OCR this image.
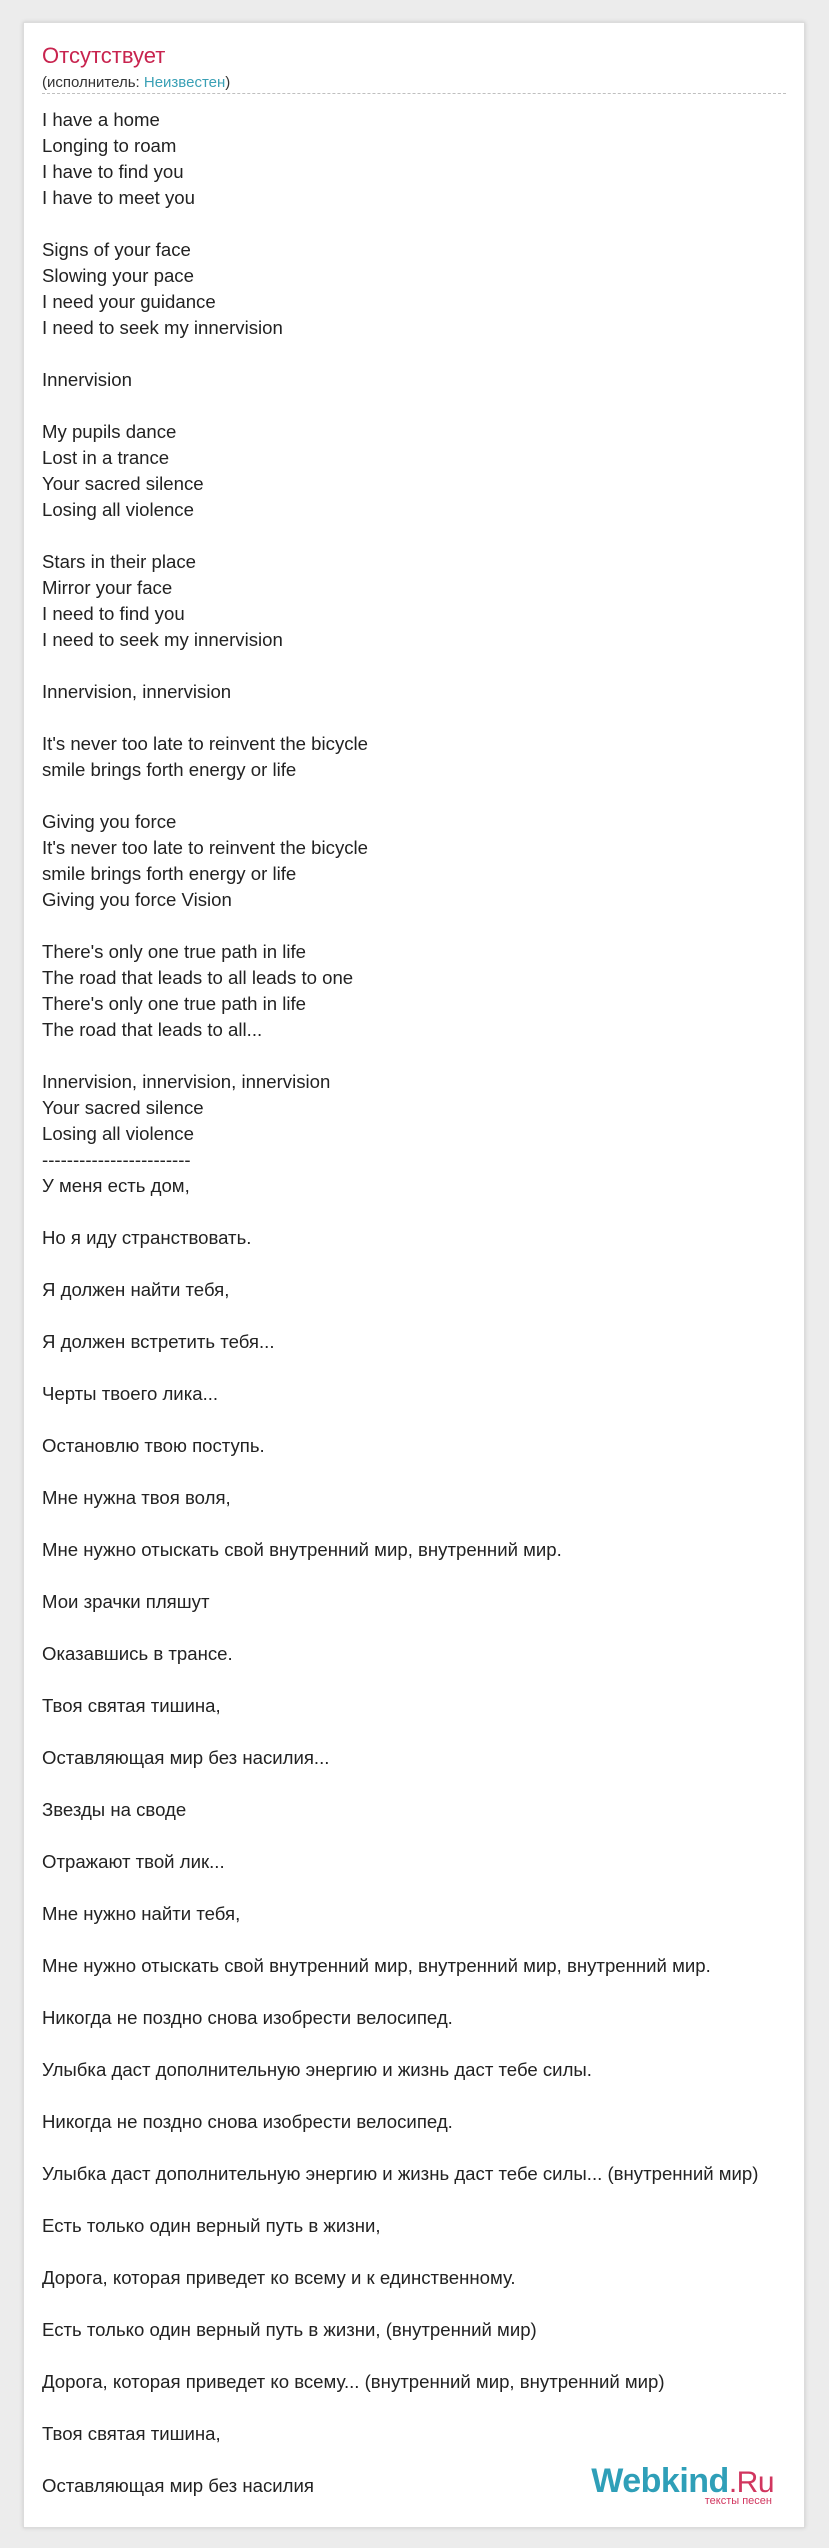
Отсутствует
(исполнитель: Неизвестен)
I have a home
Longing to roam
I have to find you
I have to meet you
Signs of your face
Slowing your pace
I need your guidance
I need to seek my innervision
Innervision
My pupils dance
Lost in a trance
Your sacred silence
Losing all violence
Stars in their place
Mirror your face
I need to find you
I need to seek my innervision
Innervision, innervision
It's never too late to reinvent the bicycle
smile brings forth energy or life
Giving you force
It's never too late to reinvent the bicycle
smile brings forth energy or life
Giving you force Vision
There's only one true path in life
The road that leads to all leads to one
There's only one true path in life
The road that leads to all...
Innervision, innervision, innervision
Your sacred silence
Losing all violence
------------------------
У меня есть дом,
Но я иду странствовать.
Я должен найти тебя,
Я должен встретить тебя...
Черты твоего лика...
Остановлю твою поступь.
Мне нужна твоя воля,
Мне нужно отыскать свой внутренний мир, внутренний мир.
Мои зрачки пляшут
Оказавшись в трансе.
Твоя святая тишина,
Оставляющая мир без насилия...
Звезды на своде
Отражают твой лик...
Мне нужно найти тебя,
Мне нужно отыскать свой внутренний мир, внутренний мир, внутренний мир.
Никогда не поздно снова изобрести велосипед.
Улыбка даст дополнительную энергию и жизнь даст тебе силы.
Никогда не поздно снова изобрести велосипед.
Улыбка даст дополнительную энергию и жизнь даст тебе силы... (внутренний мир)
Есть только один верный путь в жизни,
Дорога, которая приведет ко всему и к единственному.
Есть только один верный путь в жизни, (внутренний мир)
Дорога, которая приведет ко всему... (внутренний мир, внутренний мир)
Твоя святая тишина,
Оставляющая мир без насилия	Webkind.Ru
тексты песен
